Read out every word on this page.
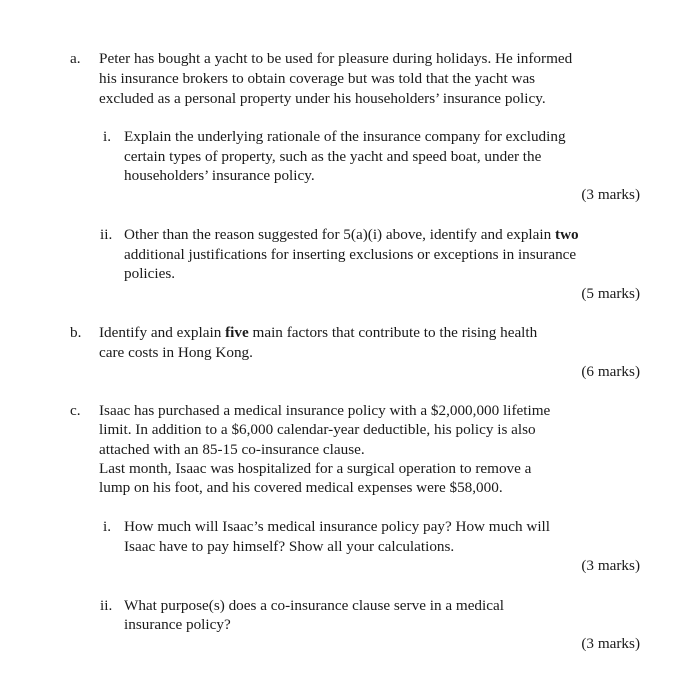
a. Peter has bought a yacht to be used for pleasure during holidays. He informed
his insurance brokers to obtain coverage but was told that the yacht was
excluded as a personal property under his householders’ insurance policy.
i. Explain the underlying rationale of the insurance company for excluding
certain types of property, such as the yacht and speed boat, under the
householders’ insurance policy.
(3 marks)
ii. Other than the reason suggested for 5(a)(i) above, identify and explain two
additional justifications for inserting exclusions or exceptions in insurance
policies.
(5 marks)
b. Identify and explain five main factors that contribute to the rising health
care costs in Hong Kong.
(6 marks)
c. Isaac has purchased a medical insurance policy with a $2,000,000 lifetime
limit. In addition to a $6,000 calendar-year deductible, his policy is also
attached with an 85-15 co-insurance clause.
Last month, Isaac was hospitalized for a surgical operation to remove a
lump on his foot, and his covered medical expenses were $58,000.
i. How much will Isaac’s medical insurance policy pay? How much will
Isaac have to pay himself? Show all your calculations.
(3 marks)
ii. What purpose(s) does a co-insurance clause serve in a medical
insurance policy?
(3 marks)
